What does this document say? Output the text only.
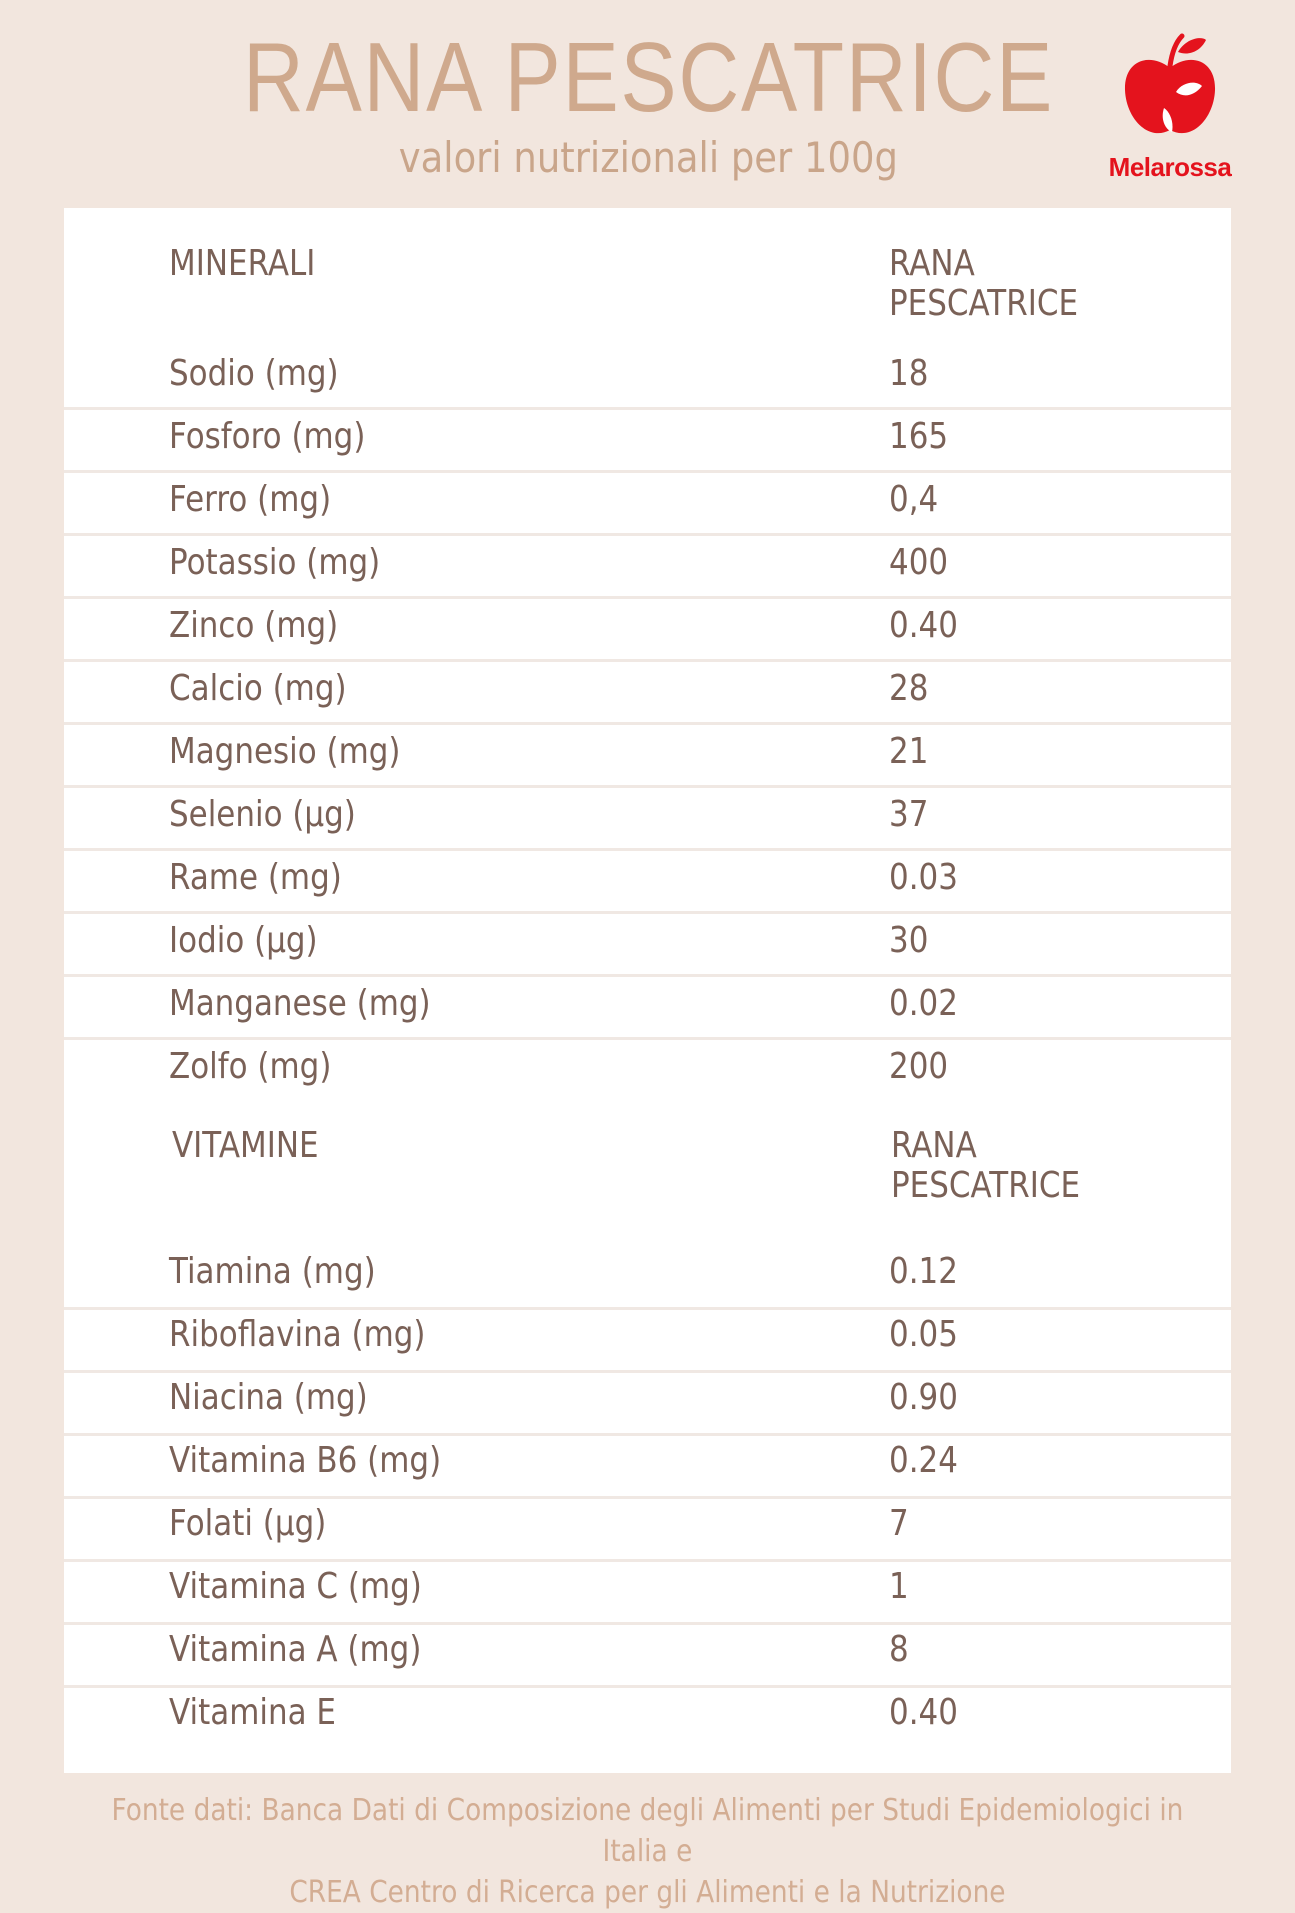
RANA PESCATRICE
valori nutrizionali per 100g	Melarossa
MINERALI	RANA
PESCATRICE
Sodio (mg)	18
Fosforo (mg)	165
Ferro (mg)	0,4
Potassio (mg)	400
Zinco (mg)	0.40
Calcio (mg)	28
Magnesio (mg)	21
Selenio (µg)	37
Rame (mg)	0.03
Iodio (µg)	30
Manganese (mg)	0.02
Zolfo (mg)	200
VITAMINE	RANA
PESCATRICE
Tiamina (mg)	0.12
Riboflavina (mg)	0.05
Niacina (mg)	0.90
Vitamina B6 (mg)	0.24
Folati (µg)	7
Vitamina C (mg)	1
Vitamina A (mg)	8
Vitamina E	0.40
Fonte dati: Banca Dati di Composizione degli Alimenti per Studi Epidemiologici in Italia e
CREA Centro di Ricerca per gli Alimenti e la Nutrizione
